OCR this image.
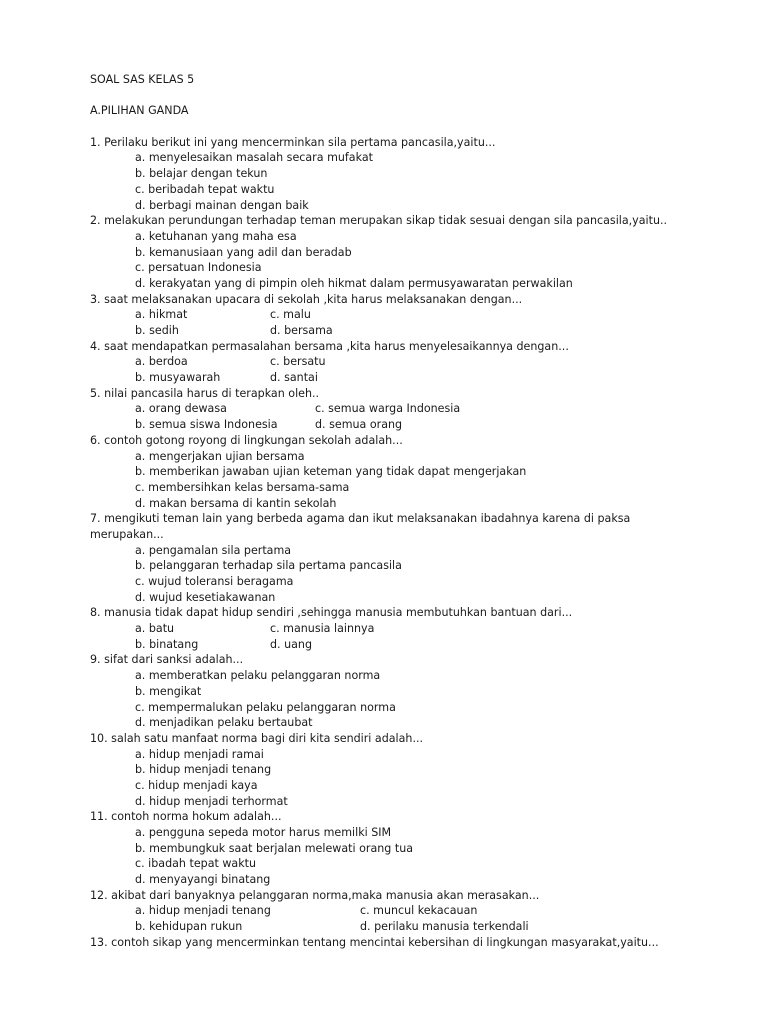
SOAL SAS KELAS 5
A.PILIHAN GANDA
1. Perilaku berikut ini yang mencerminkan sila pertama pancasila,yaitu...
a. menyelesaikan masalah secara mufakat
b. belajar dengan tekun
c. beribadah tepat waktu
d. berbagi mainan dengan baik
2. melakukan perundungan terhadap teman merupakan sikap tidak sesuai dengan sila pancasila,yaitu..
a. ketuhanan yang maha esa
b. kemanusiaan yang adil dan beradab
c. persatuan Indonesia
d. kerakyatan yang di pimpin oleh hikmat dalam permusyawaratan perwakilan
3. saat melaksanakan upacara di sekolah ,kita harus melaksanakan dengan...
a. hikmat	c. malu
b. sedih	d. bersama
4. saat mendapatkan permasalahan bersama ,kita harus menyelesaikannya dengan...
a. berdoa	c. bersatu
b. musyawarah	d. santai
5. nilai pancasila harus di terapkan oleh..
a. orang dewasa	c. semua warga Indonesia
b. semua siswa Indonesia	d. semua orang
6. contoh gotong royong di lingkungan sekolah adalah...
a. mengerjakan ujian bersama
b. memberikan jawaban ujian keteman yang tidak dapat mengerjakan
c. membersihkan kelas bersama-sama
d. makan bersama di kantin sekolah
7. mengikuti teman lain yang berbeda agama dan ikut melaksanakan ibadahnya karena di paksa merupakan...
a. pengamalan sila pertama
b. pelanggaran terhadap sila pertama pancasila
c. wujud toleransi beragama
d. wujud kesetiakawanan
8. manusia tidak dapat hidup sendiri ,sehingga manusia membutuhkan bantuan dari...
a. batu	c. manusia lainnya
b. binatang	d. uang
9. sifat dari sanksi adalah...
a. memberatkan pelaku pelanggaran norma
b. mengikat
c. mempermalukan pelaku pelanggaran norma
d. menjadikan pelaku bertaubat
10. salah satu manfaat norma bagi diri kita sendiri adalah...
a. hidup menjadi ramai
b. hidup menjadi tenang
c. hidup menjadi kaya
d. hidup menjadi terhormat
11. contoh norma hokum adalah...
a. pengguna sepeda motor harus memilki SIM
b. membungkuk saat berjalan melewati orang tua
c. ibadah tepat waktu
d. menyayangi binatang
12. akibat dari banyaknya pelanggaran norma,maka manusia akan merasakan...
a. hidup menjadi tenang	c. muncul kekacauan
b. kehidupan rukun	d. perilaku manusia terkendali
13. contoh sikap yang mencerminkan tentang mencintai kebersihan di lingkungan masyarakat,yaitu...
